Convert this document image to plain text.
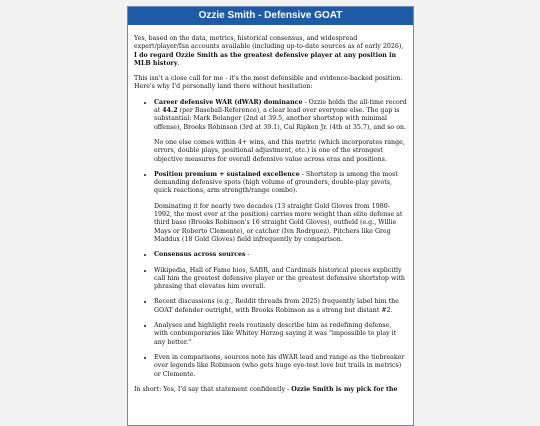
Ozzie Smith - Defensive GOAT

Yes, based on the data, metrics, historical consensus, and widespread expert/player/fan accounts available (including up-to-date sources as of early 2026), I do regard Ozzie Smith as the greatest defensive player at any position in MLB history.

This isn't a close call for me - it's the most defensible and evidence-backed position. Here's why I'd personally land there without hesitation:

• Career defensive WAR (dWAR) dominance - Ozzie holds the all-time record at 44.2 (per Baseball-Reference), a clear lead over everyone else. The gap is substantial: Mark Belanger (2nd at 39.5, another shortstop with minimal offense), Brooks Robinson (3rd at 39.1), Cal Ripken Jr. (4th at 35.7), and so on.

No one else comes within 4+ wins, and this metric (which incorporates range, errors, double plays, positional adjustment, etc.) is one of the strongest objective measures for overall defensive value across eras and positions.

• Position premium + sustained excellence - Shortstop is among the most demanding defensive spots (high volume of grounders, double-play pivots, quick reactions, arm strength/range combo).

Dominating it for nearly two decades (13 straight Gold Gloves from 1980-1992, the most ever at the position) carries more weight than elite defense at third base (Brooks Robinson's 16 straight Gold Gloves), outfield (e.g., Willie Mays or Roberto Clemente), or catcher (Ivn Rodrguez). Pitchers like Greg Maddux (18 Gold Gloves) field infrequently by comparison.

• Consensus across sources -

• Wikipedia, Hall of Fame bios, SABR, and Cardinals historical pieces explicitly call him the greatest defensive player or the greatest defensive shortstop with phrasing that elevates him overall.

• Recent discussions (e.g., Reddit threads from 2025) frequently label him the GOAT defender outright, with Brooks Robinson as a strong but distant #2.

• Analyses and highlight reels routinely describe him as redefining defense, with contemporaries like Whitey Herzog saying it was "impossible to play it any better."

• Even in comparisons, sources note his dWAR lead and range as the tiebreaker over legends like Robinson (who gets huge eye-test love but trails in metrics) or Clemente.

In short: Yes, I'd say that statement confidently - Ozzie Smith is my pick for the
